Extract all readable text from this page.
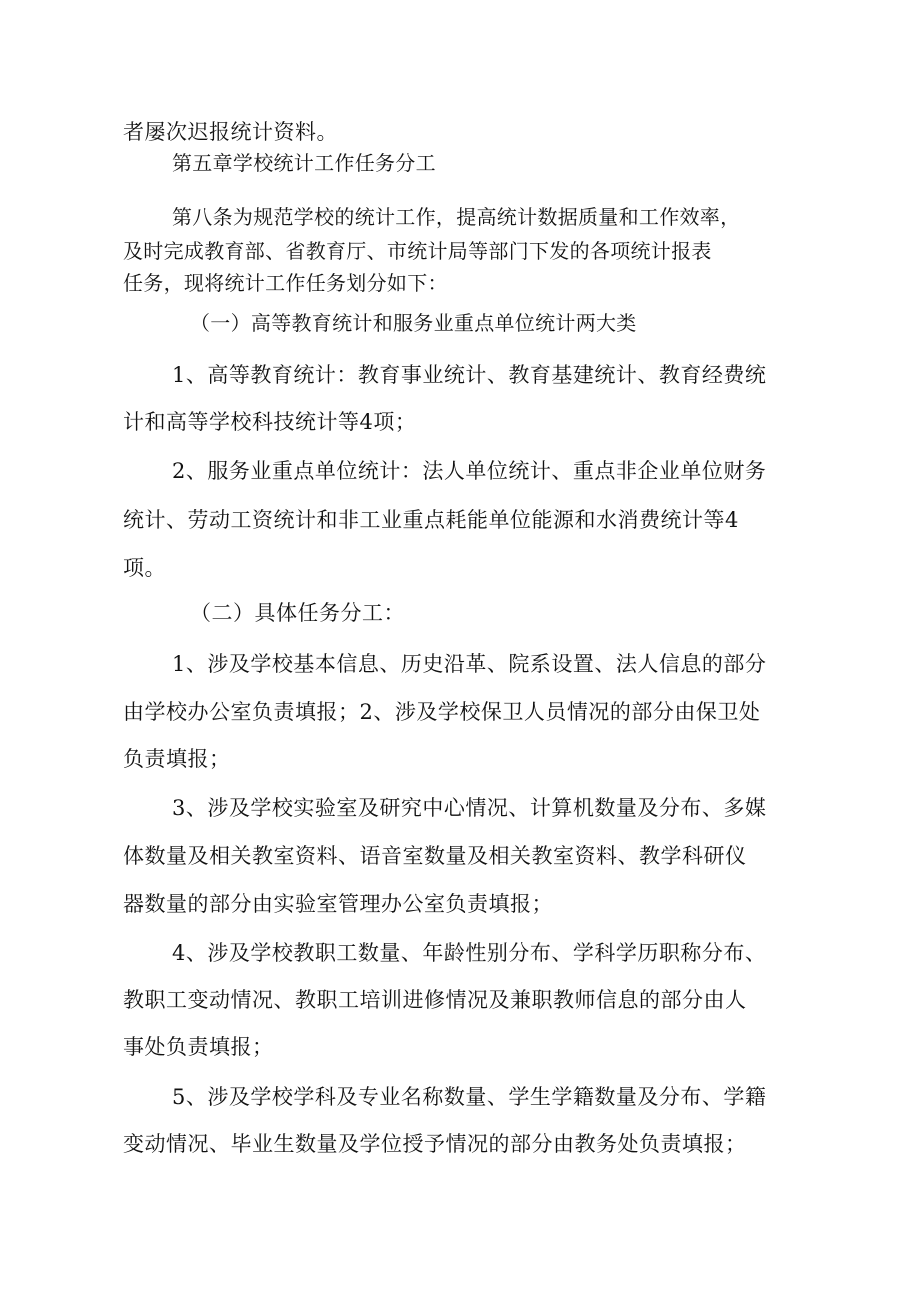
者屡次迟报统计资料。
第五章学校统计工作任务分工
第八条为规范学校的统计工作，提高统计数据质量和工作效率，
及时完成教育部、省教育厅、市统计局等部门下发的各项统计报表
任务，现将统计工作任务划分如下：
（一）高等教育统计和服务业重点单位统计两大类
1、高等教育统计：教育事业统计、教育基建统计、教育经费统
计和高等学校科技统计等4项；
2、服务业重点单位统计：法人单位统计、重点非企业单位财务
统计、劳动工资统计和非工业重点耗能单位能源和水消费统计等4
项。
（二）具体任务分工：
1、涉及学校基本信息、历史沿革、院系设置、法人信息的部分
由学校办公室负责填报；2、涉及学校保卫人员情况的部分由保卫处
负责填报；
3、涉及学校实验室及研究中心情况、计算机数量及分布、多媒
体数量及相关教室资料、语音室数量及相关教室资料、教学科研仪
器数量的部分由实验室管理办公室负责填报；
4、涉及学校教职工数量、年龄性别分布、学科学历职称分布、
教职工变动情况、教职工培训进修情况及兼职教师信息的部分由人
事处负责填报；
5、涉及学校学科及专业名称数量、学生学籍数量及分布、学籍
变动情况、毕业生数量及学位授予情况的部分由教务处负责填报；
